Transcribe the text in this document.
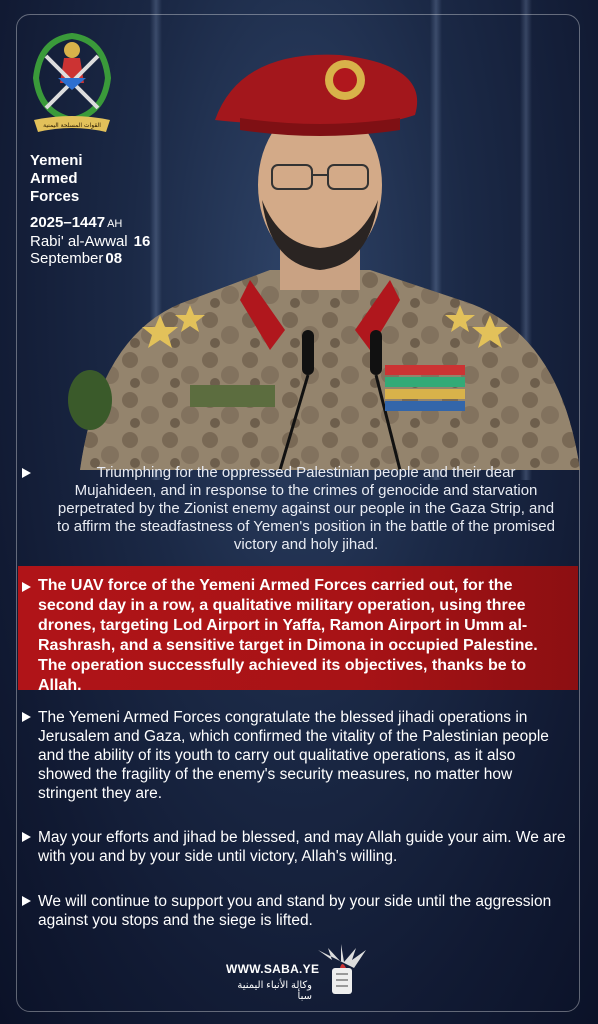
القوات المسلحة اليمنية
Yemeni Armed Forces
2025–1447 AH
Rabi' al-Awwal 16
September 08
Triumphing for the oppressed Palestinian people and their dear Mujahideen, and in response to the crimes of genocide and starvation perpetrated by the Zionist enemy against our people in the Gaza Strip, and to affirm the steadfastness of Yemen's position in the battle of the promised victory and holy jihad.
The UAV force of the Yemeni Armed Forces carried out, for the second day in a row, a qualitative military operation, using three drones, targeting Lod Airport in Yaffa, Ramon Airport in Umm al-Rashrash, and a sensitive target in Dimona in occupied Palestine. The operation successfully achieved its objectives, thanks be to Allah.
The Yemeni Armed Forces congratulate the blessed jihadi operations in Jerusalem and Gaza, which confirmed the vitality of the Palestinian people and the ability of its youth to carry out qualitative operations, as it also showed the fragility of the enemy's security measures, no matter how stringent they are.
May your efforts and jihad be blessed, and may Allah guide your aim. We are with you and by your side until victory, Allah's willing.
We will continue to support you and stand by your side until the aggression against you stops and the siege is lifted.
WWW.SABA.YE
وكالة الأنباء اليمنية سبأ
